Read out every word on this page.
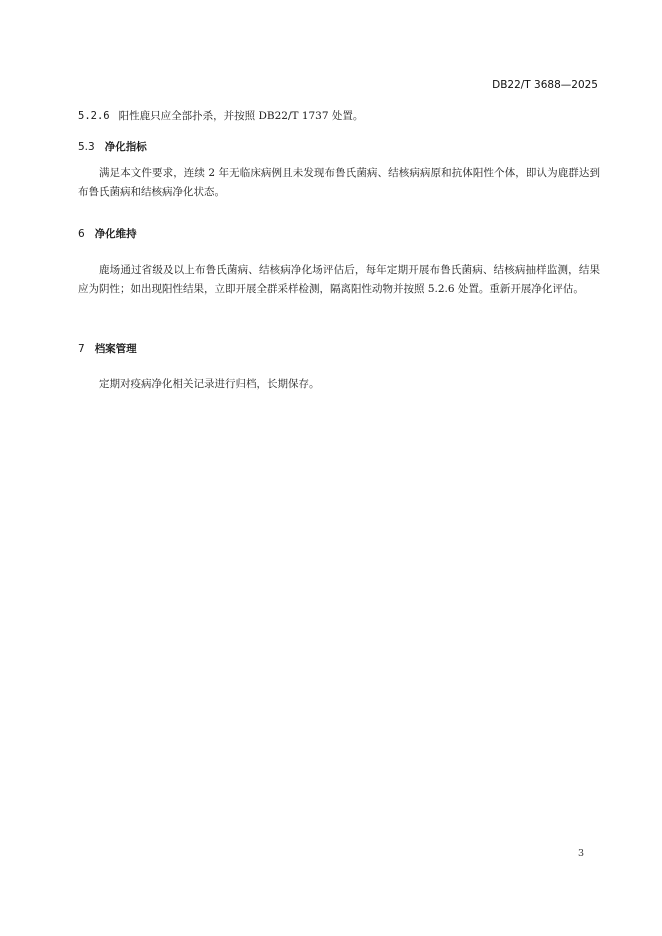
DB22/T 3688—2025
5.2.6 阳性鹿只应全部扑杀，并按照 DB22/T 1737 处置。
5.3 净化指标

满足本文件要求，连续 2 年无临床病例且未发现布鲁氏菌病、结核病病原和抗体阳性个体，即认为鹿群达到布鲁氏菌病和结核病净化状态。

6 净化维持

鹿场通过省级及以上布鲁氏菌病、结核病净化场评估后，每年定期开展布鲁氏菌病、结核病抽样监测，结果应为阴性；如出现阳性结果，立即开展全群采样检测，隔离阳性动物并按照 5.2.6 处置。重新开展净化评估。

7 档案管理

定期对疫病净化相关记录进行归档，长期保存。

3
